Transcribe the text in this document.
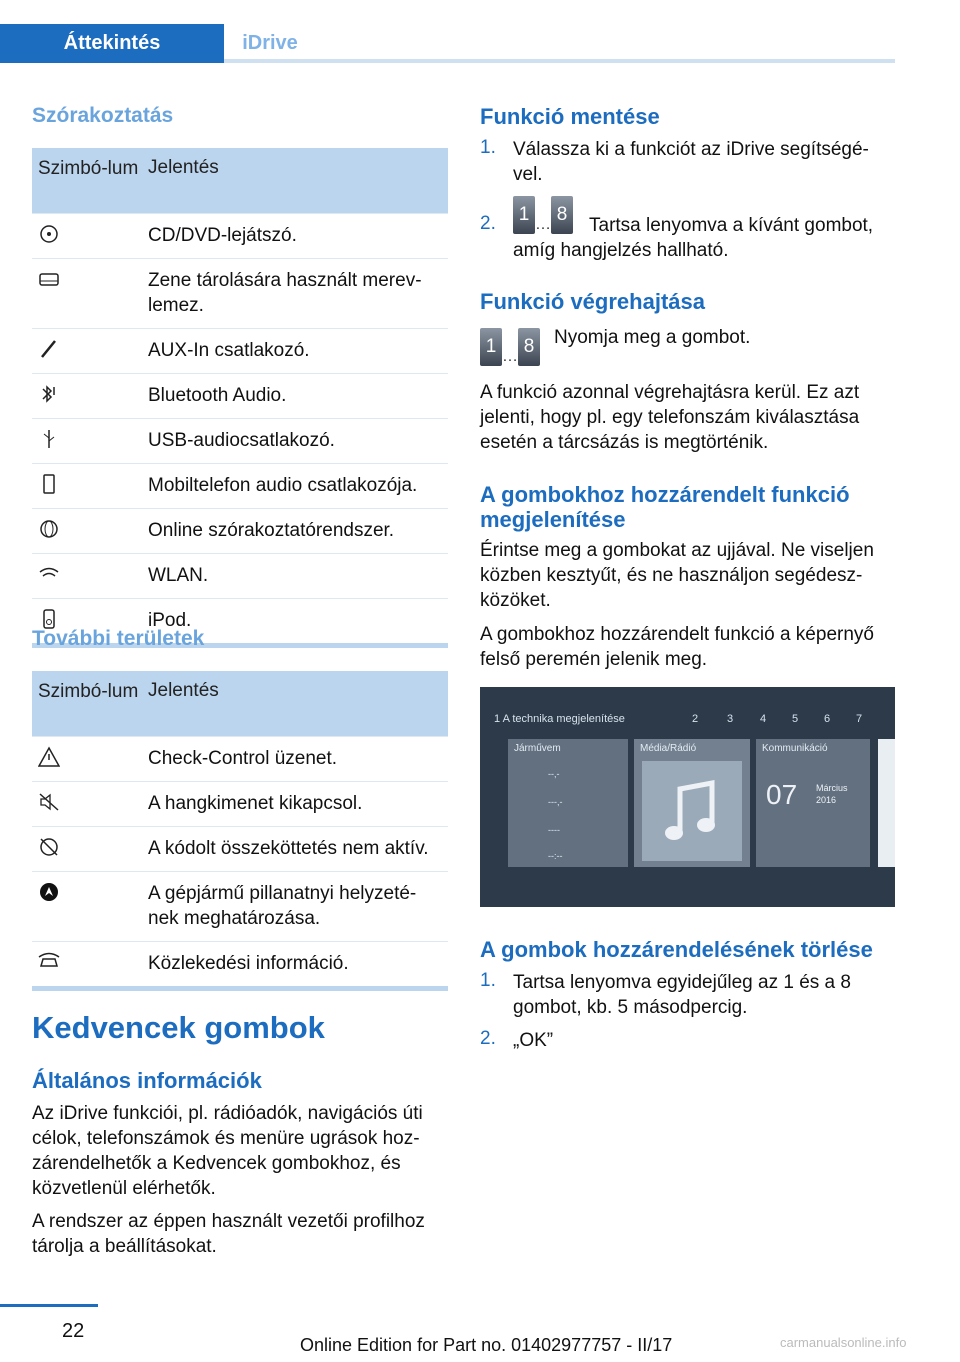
Áttekintés	iDrive
Szórakoztatás
Szimbó-lum	Jelentés
	CD/DVD-lejátszó.
	Zene tárolására használt merev-lemez.
	AUX-In csatlakozó.
	Bluetooth Audio.
	USB-audiocsatlakozó.
	Mobiltelefon audio csatlakozója.
	Online szórakoztatórendszer.
	WLAN.
	iPod.
További területek
Szimbó-lum	Jelentés
	Check-Control üzenet.
	A hangkimenet kikapcsol.
	A kódolt összeköttetés nem aktív.
	A gépjármű pillanatnyi helyzeté-nek meghatározása.
	Közlekedési információ.
Kedvencek gombok
Általános információk
Az iDrive funkciói, pl. rádióadók, navigációs úti célok, telefonszámok és menüre ugrások hoz-zárendelhetők a Kedvencek gombokhoz, és közvetlenül elérhetők.
A rendszer az éppen használt vezetői profilhoz tárolja a beállításokat.
Funkció mentése
1. Válassza ki a funkciót az iDrive segítségé-vel.
2.	1 … 8
Tartsa lenyomva a kívánt gombot, amíg hangjelzés hallható.
Funkció végrehajtása
1 … 8	Nyomja meg a gombot.
A funkció azonnal végrehajtásra kerül. Ez azt jelenti, hogy pl. egy telefonszám kiválasztása esetén a tárcsázás is megtörténik.
A gombokhoz hozzárendelt funkció megjelenítése
Érintse meg a gombokat az ujjával. Ne viseljen közben kesztyűt, és ne használjon segédesz-közöket.
A gombokhoz hozzárendelt funkció a képernyő felső peremén jelenik meg.
1 A technika megjelenítése	2	3 4 5 6 7
Járművem
--,-
---,-
----
--:--
Média/Rádió	Kommunikáció
07 Március
2016
A gombok hozzárendelésének törlése
1. Tartsa lenyomva egyidejűleg az 1 és a 8 gombot, kb. 5 másodpercig.
2. „OK”
22
Online Edition for Part no. 01402977757 - II/17	carmanualsonline.info
